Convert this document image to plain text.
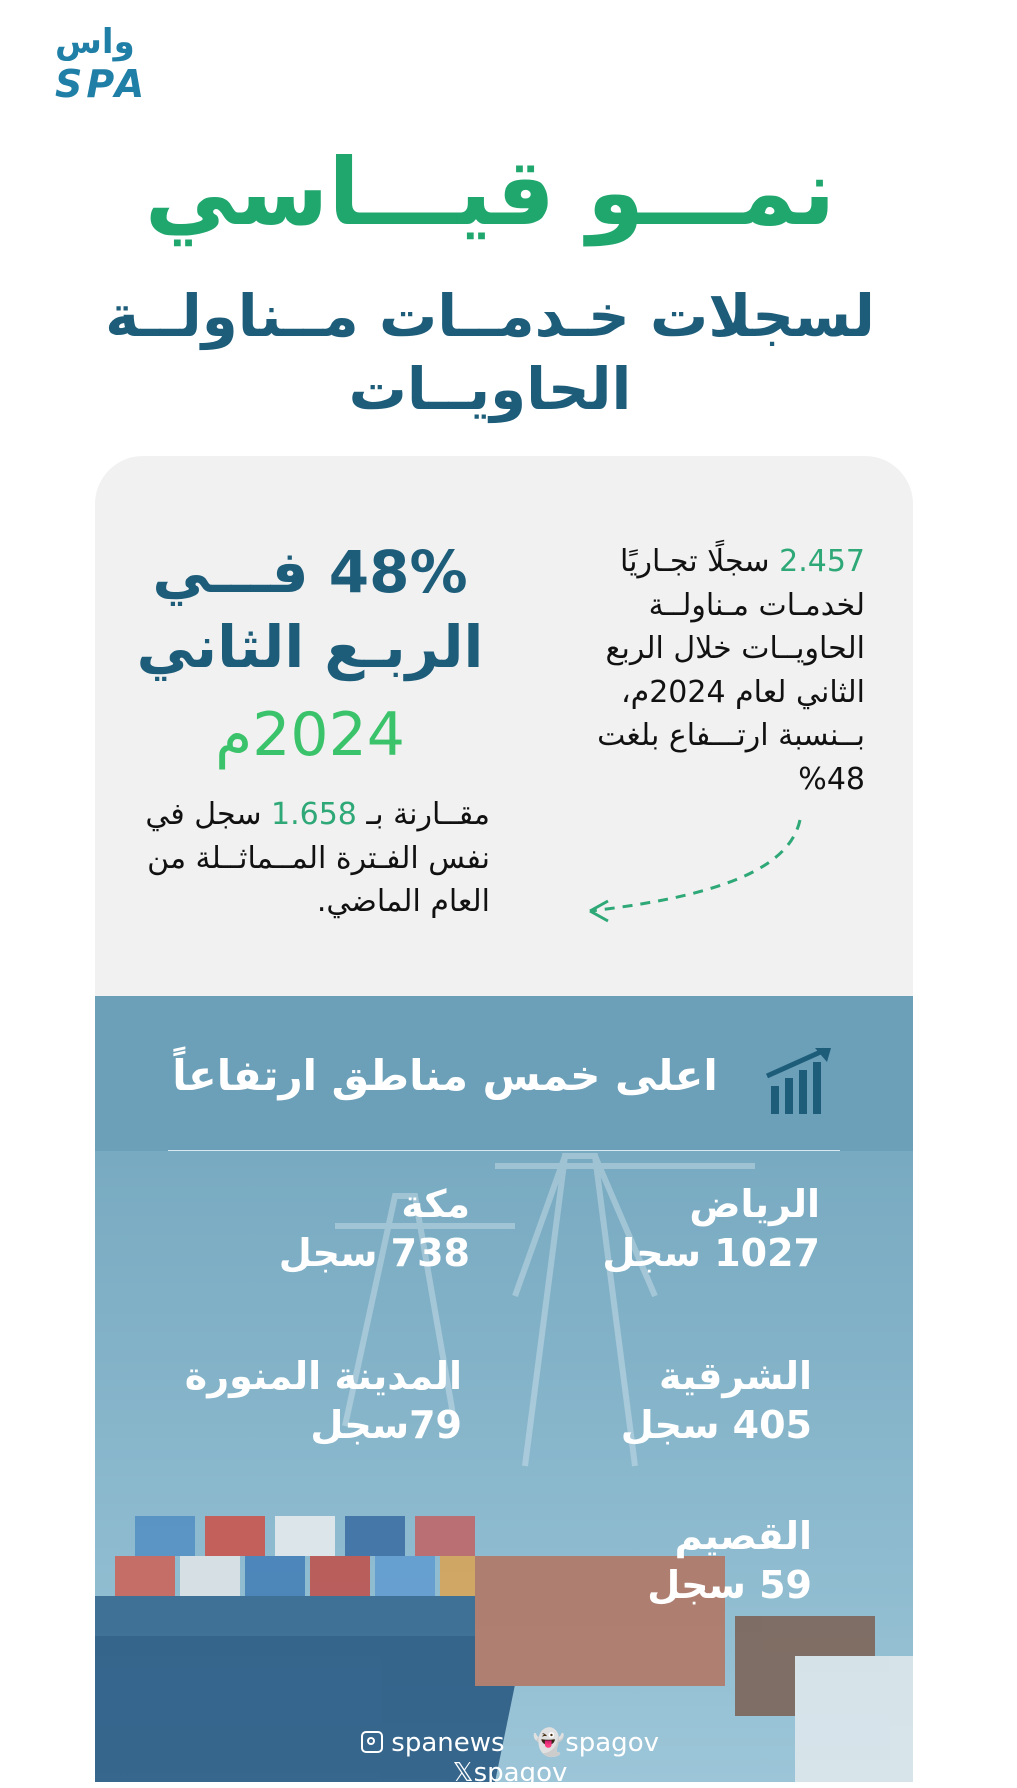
واس
SPA
نمـــو قيـــاسي
لسجلات خـدمــات مــناولــة
الحاويــات
48% فـــي
الربـع الثاني
2024م
مقــارنة بـ 1.658 سجل في نفس الفـترة المــماثــلة من العام الماضي.
2.457 سجلًا تجـاريًا لخدمـات مـناولــة الحاويــات خلال الربع الثاني لعام 2024م، بــنسبة ارتـــفاع بلغت 48%
اعلى خمس مناطق ارتفاعاً
الرياض
1027 سجل
مكة
738 سجل
الشرقية
405 سجل
المدينة المنورة
79سجل
القصيم
59 سجل
spanews 👻spagov 𝕏spagov
